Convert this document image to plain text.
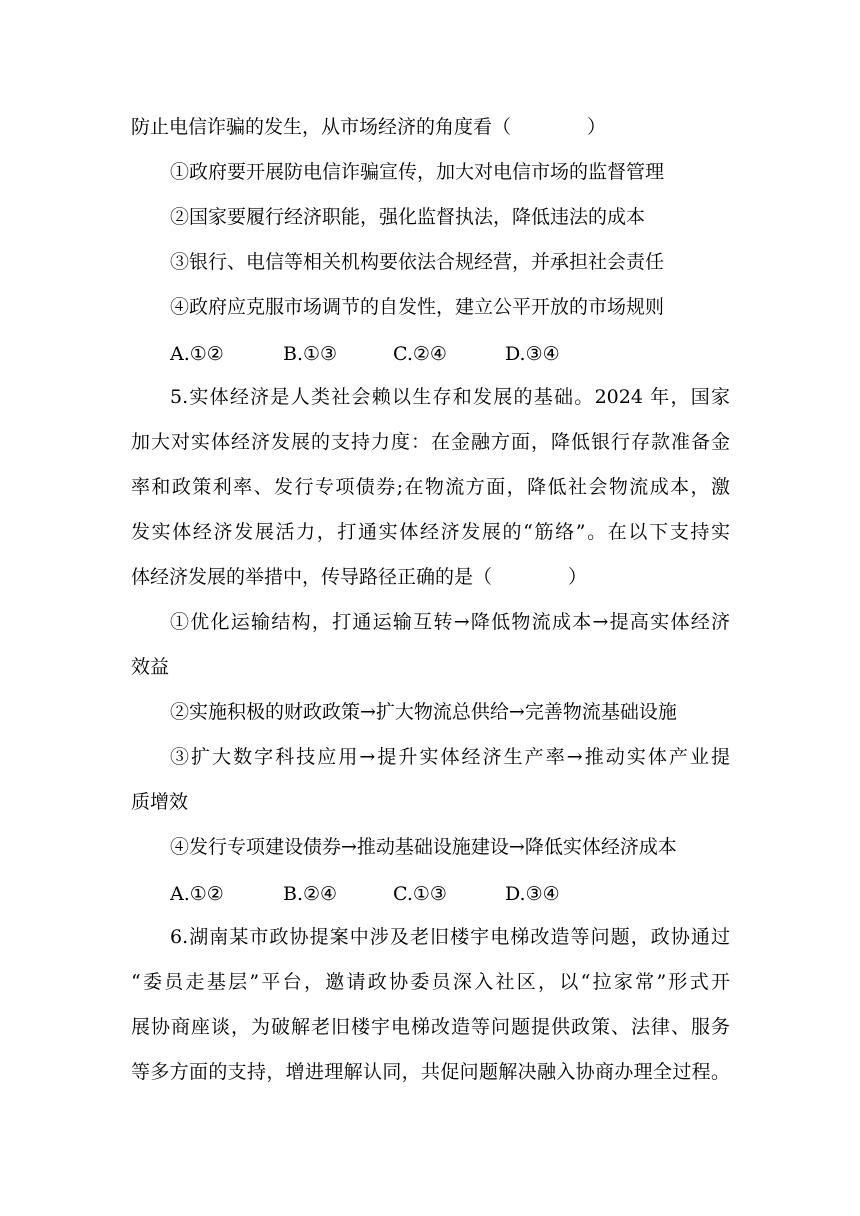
防止电信诈骗的发生，从市场经济的角度看（　　　　）
①政府要开展防电信诈骗宣传，加大对电信市场的监督管理
②国家要履行经济职能，强化监督执法，降低违法的成本
③银行、电信等相关机构要依法合规经营，并承担社会责任
④政府应克服市场调节的自发性，建立公平开放的市场规则
A.①②	B.①③	C.②④	D.③④
5.实体经济是人类社会赖以生存和发展的基础。2024 年，国家
加大对实体经济发展的支持力度：在金融方面，降低银行存款准备金
率和政策利率、发行专项债券;在物流方面，降低社会物流成本，激
发实体经济发展活力，打通实体经济发展的“筋络”。在以下支持实
体经济发展的举措中，传导路径正确的是（　　　　）
①优化运输结构，打通运输互转→降低物流成本→提高实体经济
效益
②实施积极的财政政策→扩大物流总供给→完善物流基础设施
③扩大数字科技应用→提升实体经济生产率→推动实体产业提
质增效
④发行专项建设债券→推动基础设施建设→降低实体经济成本
A.①②	B.②④	C.①③	D.③④
6.湖南某市政协提案中涉及老旧楼宇电梯改造等问题，政协通过
“委员走基层”平台，邀请政协委员深入社区，以“拉家常”形式开
展协商座谈，为破解老旧楼宇电梯改造等问题提供政策、法律、服务
等多方面的支持，增进理解认同，共促问题解决融入协商办理全过程。
